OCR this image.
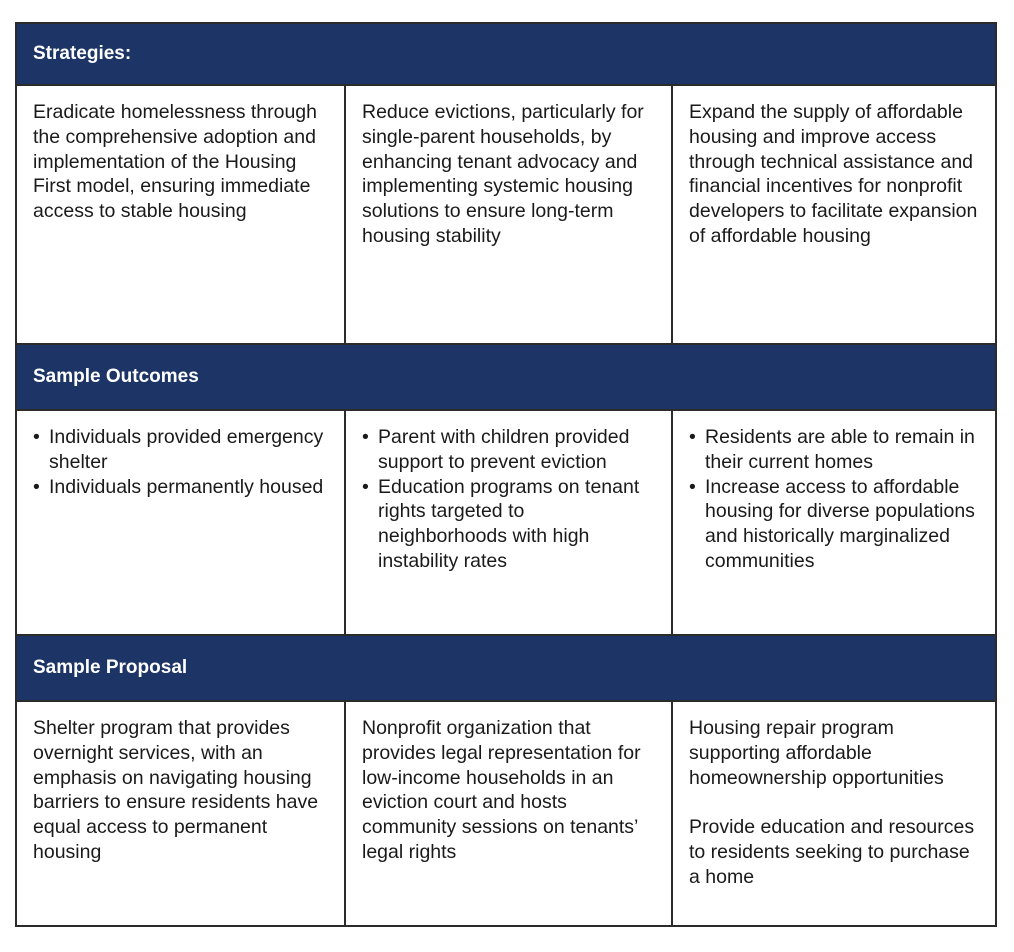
Strategies:

Eradicate homelessness through the comprehensive adoption and implementation of the Housing First model, ensuring immediate access to stable housing

Reduce evictions, particularly for single-parent households, by enhancing tenant advocacy and implementing systemic housing solutions to ensure long-term housing stability

Expand the supply of affordable housing and improve access through technical assistance and financial incentives for nonprofit developers to facilitate expansion of affordable housing

Sample Outcomes
• Individuals provided emergency shelter
• Individuals permanently housed
• Parent with children provided support to prevent eviction
• Education programs on tenant rights targeted to neighborhoods with high instability rates
• Residents are able to remain in their current homes
• Increase access to affordable housing for diverse populations and historically marginalized communities
Sample Proposal

Shelter program that provides overnight services, with an emphasis on navigating housing barriers to ensure residents have equal access to permanent housing

Nonprofit organization that provides legal representation for low-income households in an eviction court and hosts community sessions on tenants’ legal rights

Housing repair program supporting affordable homeownership opportunities

Provide education and resources to residents seeking to purchase a home
